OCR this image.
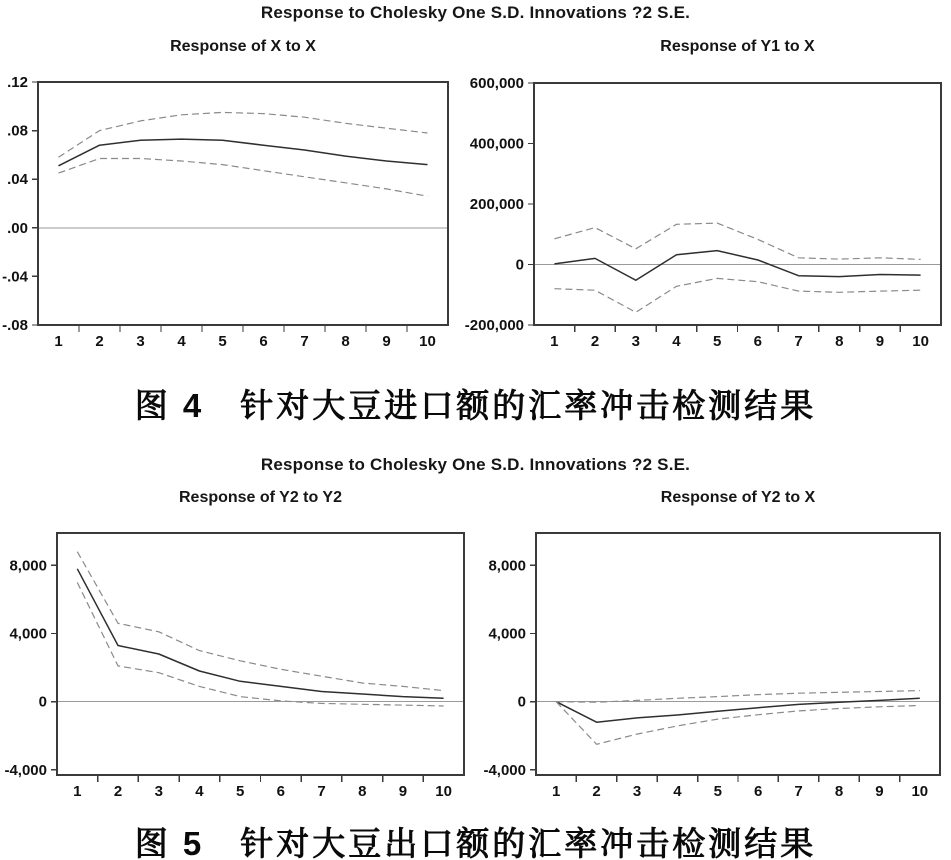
Response to Cholesky One S.D. Innovations ?2 S.E.
Response of X to X	Response of Y1 to X
.12
.08
.04
.00
-.04
-.08
1 2 3 4 5 6 7 8 9 10
600,000
400,000
200,000
0
-200,000
1 2 3 4 5 6 7 8 9 10
8,000
4,000
0
-4,000
1 2 3 4 5 6 7 8 9 10
8,000
4,000
0
-4,000
1 2 3 4 5 6 7 8 9 10
图 4　针对大豆进口额的汇率冲击检测结果
Response to Cholesky One S.D. Innovations ?2 S.E.
Response of Y2 to Y2	Response of Y2 to X
图 5　针对大豆出口额的汇率冲击检测结果
